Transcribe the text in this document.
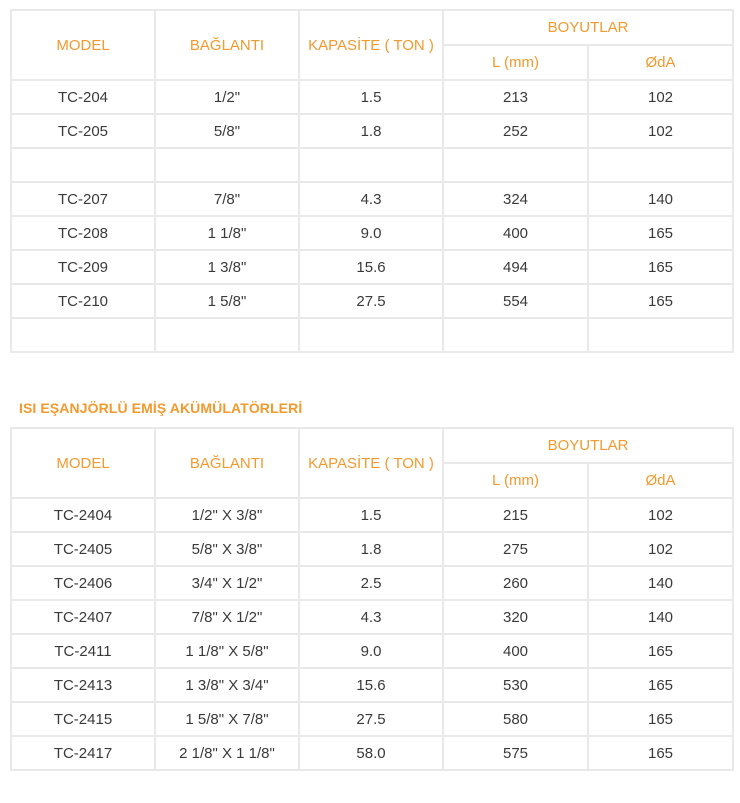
MODEL	BAĞLANTI	KAPASİTE ( TON )	BOYUTLAR	
			L (mm)	ØdA
TC-204	1/2"	1.5	213	102
TC-205	5/8"	1.8	252	102

TC-207	7/8"	4.3	324	140
TC-208	1 1/8"	9.0	400	165
TC-209	1 3/8"	15.6	494	165
TC-210	1 5/8"	27.5	554	165

ISI EŞANJÖRLÜ EMİŞ AKÜMÜLATÖRLERİ
MODEL	BAĞLANTI	KAPASİTE ( TON )	BOYUTLAR	
			L (mm)	ØdA
TC-2404	1/2" X 3/8"	1.5	215	102
TC-2405	5/8" X 3/8"	1.8	275	102
TC-2406	3/4" X 1/2"	2.5	260	140
TC-2407	7/8" X 1/2"	4.3	320	140
TC-2411	1 1/8" X 5/8"	9.0	400	165
TC-2413	1 3/8" X 3/4"	15.6	530	165
TC-2415	1 5/8" X 7/8"	27.5	580	165
TC-2417	2 1/8" X 1 1/8"	58.0	575	165
